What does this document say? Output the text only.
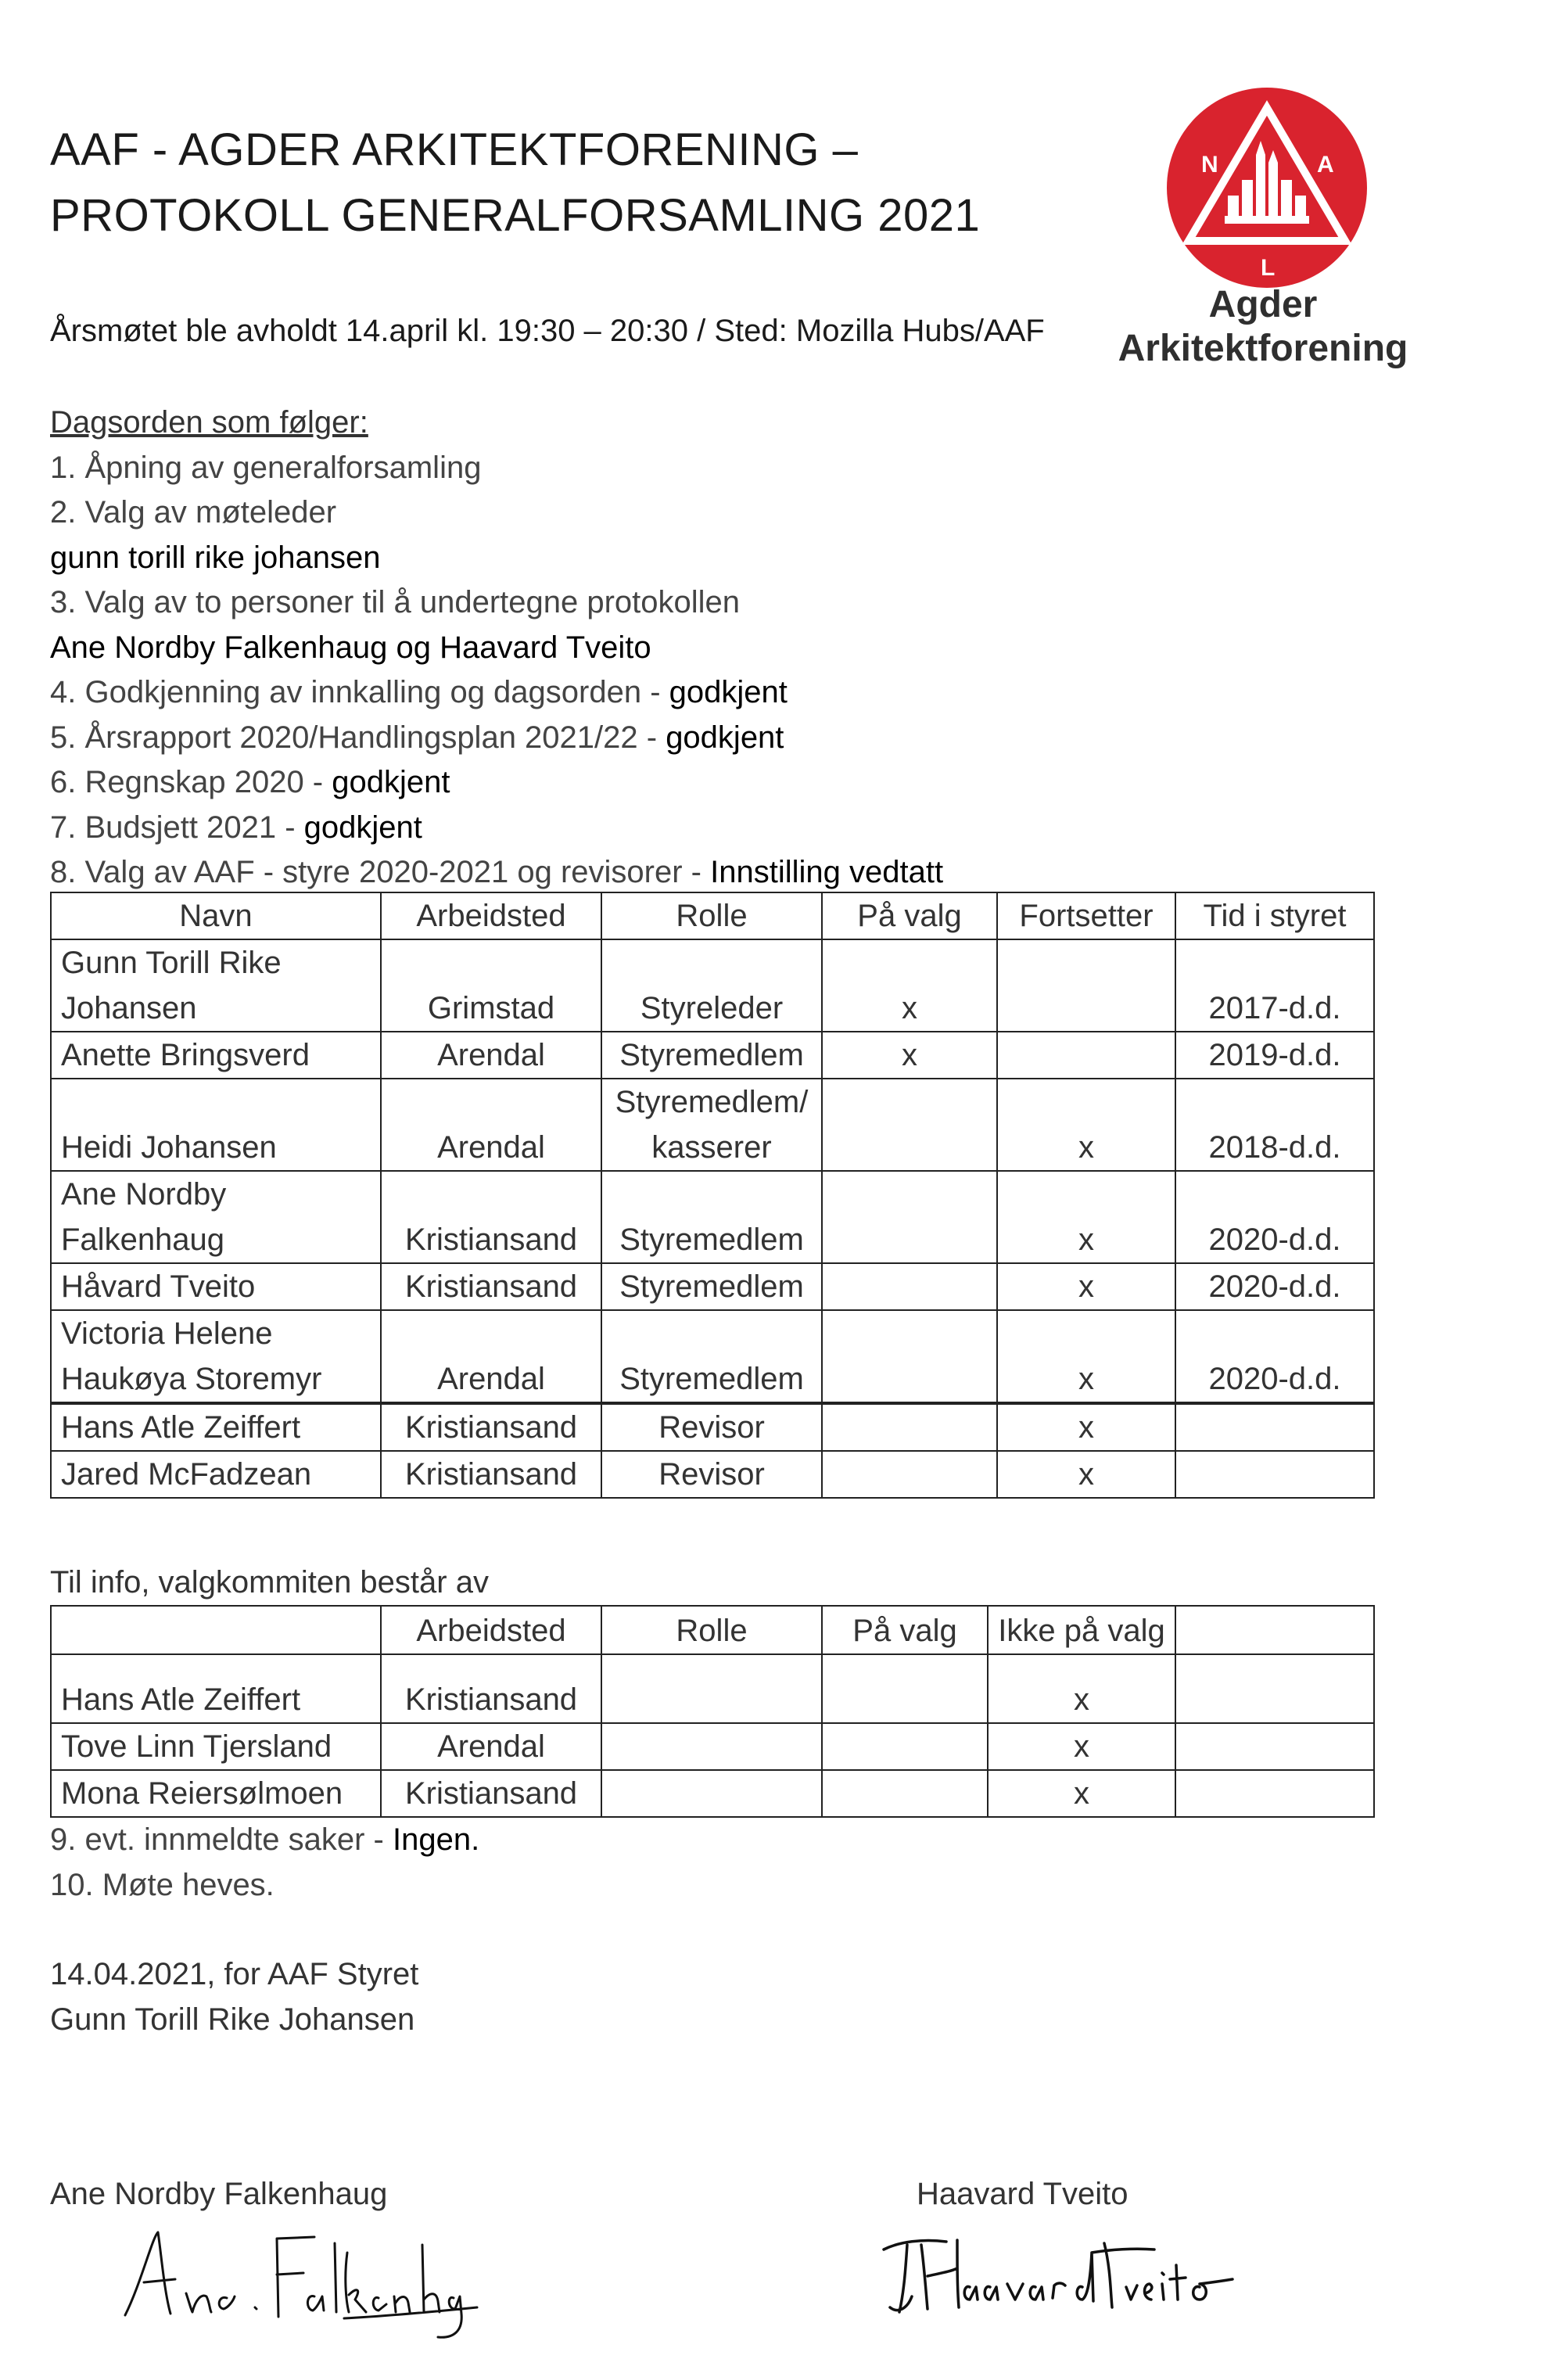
AAF - AGDER ARKITEKTFORENING –
PROTOKOLL GENERALFORSAMLING 2021
N	A
L
Agder
Arkitektforening
Årsmøtet ble avholdt 14.april kl. 19:30 – 20:30 / Sted: Mozilla Hubs/AAF
Dagsorden som følger:
1. Åpning av generalforsamling
2. Valg av møteleder
gunn torill rike johansen
3. Valg av to personer til å undertegne protokollen
Ane Nordby Falkenhaug og Haavard Tveito
4. Godkjenning av innkalling og dagsorden - godkjent
5. Årsrapport 2020/Handlingsplan 2021/22 - godkjent
6. Regnskap 2020 - godkjent
7. Budsjett 2021 - godkjent
8. Valg av AAF - styre 2020-2021 og revisorer - Innstilling vedtatt
Navn	Arbeidsted	Rolle	På valg	Fortsetter	Tid i styret
Gunn Torill Rike
Johansen	Grimstad	Styreleder	x		2017-d.d.
Anette Bringsverd	Arendal	Styremedlem	x		2019-d.d.
Heidi Johansen	Arendal	Styremedlem/
kasserer		x	2018-d.d.
Ane Nordby
Falkenhaug	Kristiansand	Styremedlem		x	2020-d.d.
Håvard Tveito	Kristiansand	Styremedlem		x	2020-d.d.
Victoria Helene
Haukøya Storemyr	Arendal	Styremedlem		x	2020-d.d.

Hans Atle Zeiffert	Kristiansand	Revisor		x	
Jared McFadzean	Kristiansand	Revisor		x	
Til info, valgkommiten består av
	Arbeidsted	Rolle	På valg	Ikke på valg	
Hans Atle Zeiffert	Kristiansand			x	
Tove Linn Tjersland	Arendal			x	
Mona Reiersølmoen	Kristiansand			x	
9. evt. innmeldte saker - Ingen.
10. Møte heves.
14.04.2021, for AAF Styret
Gunn Torill Rike Johansen
Ane Nordby Falkenhaug	Haavard Tveito
